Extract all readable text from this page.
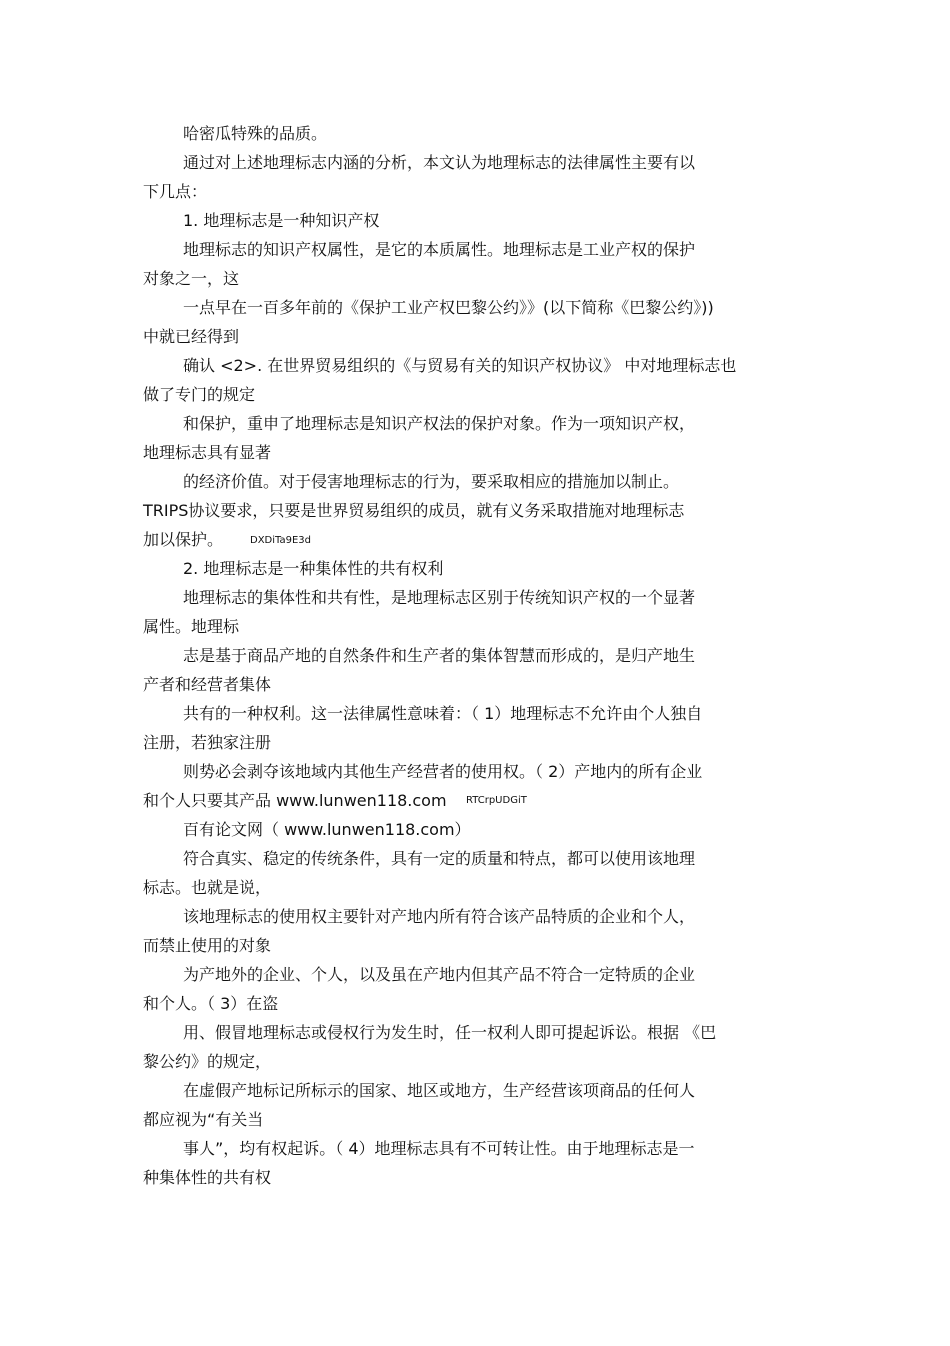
哈密瓜特殊的品质。

通过对上述地理标志内涵的分析，本文认为地理标志的法律属性主要有以

下几点：

1. 地理标志是一种知识产权

地理标志的知识产权属性，是它的本质属性。地理标志是工业产权的保护

对象之一，这

一点早在一百多年前的《保护工业产权巴黎公约》》(以下简称《巴黎公约》))

中就已经得到

确认 <2>. 在世界贸易组织的《与贸易有关的知识产权协议》 中对地理标志也

做了专门的规定

和保护，重申了地理标志是知识产权法的保护对象。作为一项知识产权，

地理标志具有显著

的经济价值。对于侵害地理标志的行为，要采取相应的措施加以制止。

TRIPS协议要求，只要是世界贸易组织的成员，就有义务采取措施对地理标志

加以保护。	DXDiTa9E3d

2. 地理标志是一种集体性的共有权利

地理标志的集体性和共有性，是地理标志区别于传统知识产权的一个显著

属性。地理标

志是基于商品产地的自然条件和生产者的集体智慧而形成的，是归产地生

产者和经营者集体

共有的一种权利。这一法律属性意味着：（ 1）地理标志不允许由个人独自

注册，若独家注册

则势必会剥夺该地域内其他生产经营者的使用权。（ 2）产地内的所有企业

和个人只要其产品 www.lunwen118.com RTCrpUDGiT

百有论文网（ www.lunwen118.com）

符合真实、稳定的传统条件，具有一定的质量和特点，都可以使用该地理

标志。也就是说，

该地理标志的使用权主要针对产地内所有符合该产品特质的企业和个人，

而禁止使用的对象

为产地外的企业、个人，以及虽在产地内但其产品不符合一定特质的企业

和个人。（ 3）在盗

用、假冒地理标志或侵权行为发生时，任一权利人即可提起诉讼。根据 《巴

黎公约》的规定，

在虚假产地标记所标示的国家、地区或地方，生产经营该项商品的任何人

都应视为“有关当

事人”，均有权起诉。（ 4）地理标志具有不可转让性。由于地理标志是一

种集体性的共有权
